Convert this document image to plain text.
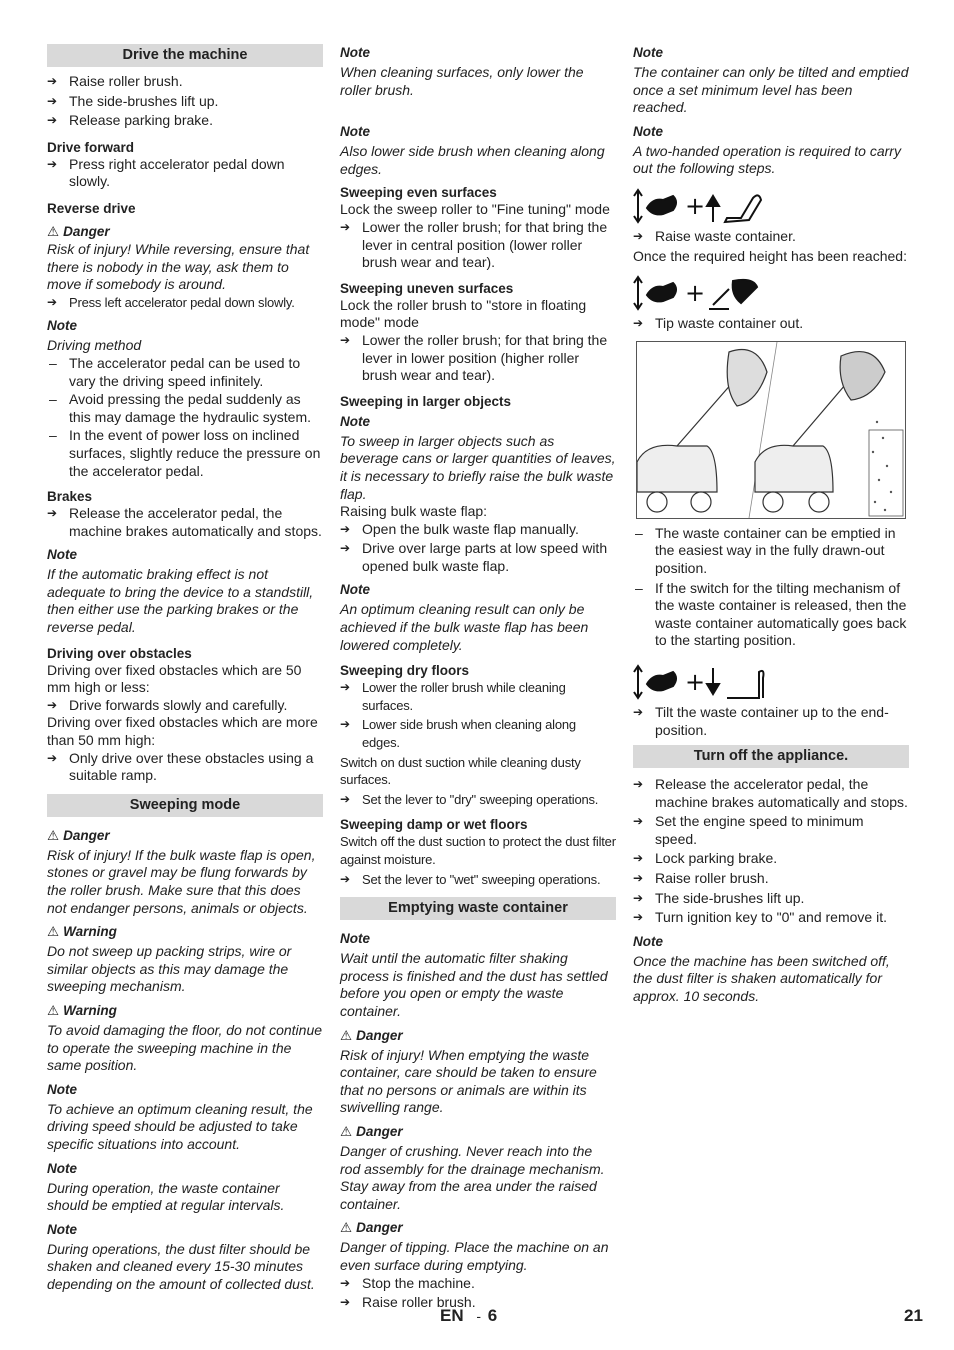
Drive the machine
➔ Raise roller brush.
➔ The side-brushes lift up.
➔ Release parking brake.
Drive forward
➔ Press right accelerator pedal down slowly.
Reverse drive
⚠ Danger
Risk of injury! While reversing, ensure that there is nobody in the way, ask them to move if somebody is around.
➔ Press left accelerator pedal down slowly.
Note
Driving method
– The accelerator pedal can be used to vary the driving speed infinitely.
– Avoid pressing the pedal suddenly as this may damage the hydraulic system.
– In the event of power loss on inclined surfaces, slightly reduce the pressure on the accelerator pedal.
Brakes
➔ Release the accelerator pedal, the machine brakes automatically and stops.
Note
If the automatic braking effect is not adequate to bring the device to a standstill, then either use the parking brakes or the reverse pedal.
Driving over obstacles
Driving over fixed obstacles which are 50 mm high or less:
➔ Drive forwards slowly and carefully.
Driving over fixed obstacles which are more than 50 mm high:
➔ Only drive over these obstacles using a suitable ramp.
Sweeping mode
⚠ Danger
Risk of injury! If the bulk waste flap is open, stones or gravel may be flung forwards by the roller brush. Make sure that this does not endanger persons, animals or objects.
⚠ Warning
Do not sweep up packing strips, wire or similar objects as this may damage the sweeping mechanism.
⚠ Warning
To avoid damaging the floor, do not continue to operate the sweeping machine in the same position.
Note
To achieve an optimum cleaning result, the driving speed should be adjusted to take specific situations into account.
Note
During operation, the waste container should be emptied at regular intervals.
Note
During operations, the dust filter should be shaken and cleaned every 15-30 minutes depending on the amount of collected dust.
Note
When cleaning surfaces, only lower the roller brush.
Note
Also lower side brush when cleaning along edges.
Sweeping even surfaces
Lock the sweep roller to "Fine tuning" mode
➔ Lower the roller brush; for that bring the lever in central position (lower roller brush wear and tear).
Sweeping uneven surfaces
Lock the roller brush to "store in floating mode" mode
➔ Lower the roller brush; for that bring the lever in lower position (higher roller brush wear and tear).
Sweeping in larger objects
Note
To sweep in larger objects such as beverage cans or larger quantities of leaves, it is necessary to briefly raise the bulk waste flap.
Raising bulk waste flap:
➔ Open the bulk waste flap manually.
➔ Drive over large parts at low speed with opened bulk waste flap.
Note
An optimum cleaning result can only be achieved if the bulk waste flap has been lowered completely.
Sweeping dry floors
➔ Lower the roller brush while cleaning surfaces.
➔ Lower side brush when cleaning along edges.
Switch on dust suction while cleaning dusty surfaces.
➔ Set the lever to "dry" sweeping operations.
Sweeping damp or wet floors
Switch off the dust suction to protect the dust filter against moisture.
➔ Set the lever to "wet" sweeping operations.
Emptying waste container
Note
Wait until the automatic filter shaking process is finished and the dust has settled before you open or empty the waste container.
⚠ Danger
Risk of injury! When emptying the waste container, care should be taken to ensure that no persons or animals are within its swivelling range.
⚠ Danger
Danger of crushing. Never reach into the rod assembly for the drainage mechanism. Stay away from the area under the raised container.
⚠ Danger
Danger of tipping. Place the machine on an even surface during emptying.
➔ Stop the machine.
➔ Raise roller brush.
Note
The container can only be tilted and emptied once a set minimum level has been reached.
Note
A two-handed operation is required to carry out the following steps.
+
➔ Raise waste container.
Once the required height has been reached:
+
➔ Tip waste container out.
– The waste container can be emptied in the easiest way in the fully drawn-out position.
– If the switch for the tilting mechanism of the waste container is released, then the waste container automatically goes back to the starting position.
+
➔ Tilt the waste container up to the end-position.
Turn off the appliance.
➔ Release the accelerator pedal, the machine brakes automatically and stops.
➔ Set the engine speed to minimum speed.
➔ Lock parking brake.
➔ Raise roller brush.
➔ The side-brushes lift up.
➔ Turn ignition key to "0" and remove it.
Note
Once the machine has been switched off, the dust filter is shaken automatically for approx. 10 seconds.
EN - 6	21
